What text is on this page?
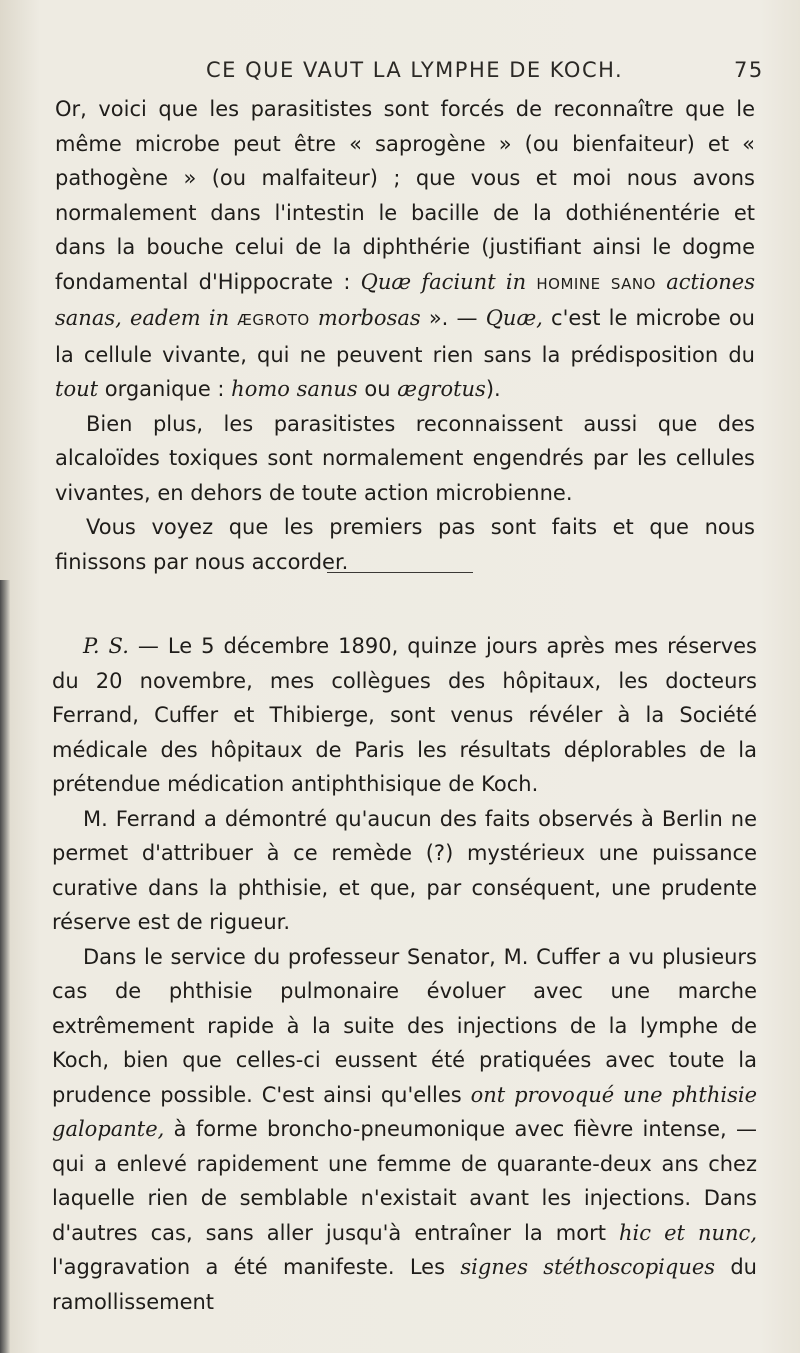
CE QUE VAUT LA LYMPHE DE KOCH.	75

Or, voici que les parasitistes sont forcés de reconnaître que le même microbe peut être « saprogène » (ou bienfaiteur) et « pathogène » (ou malfaiteur) ; que vous et moi nous avons normalement dans l'intestin le bacille de la dothiénentérie et dans la bouche celui de la diphthérie (justifiant ainsi le dogme fondamental d'Hippocrate : Quæ faciunt in HOMINE SANO actiones sanas, eadem in ÆGROTO morbosas ». — Quæ, c'est le microbe ou la cellule vivante, qui ne peuvent rien sans la prédisposition du tout organique : homo sanus ou ægrotus).

Bien plus, les parasitistes reconnaissent aussi que des alcaloïdes toxiques sont normalement engendrés par les cellules vivantes, en dehors de toute action microbienne.

Vous voyez que les premiers pas sont faits et que nous finissons par nous accorder.

P. S. — Le 5 décembre 1890, quinze jours après mes réserves du 20 novembre, mes collègues des hôpitaux, les docteurs Ferrand, Cuffer et Thibierge, sont venus révéler à la Société médicale des hôpitaux de Paris les résultats déplorables de la prétendue médication antiphthisique de Koch.

M. Ferrand a démontré qu'aucun des faits observés à Berlin ne permet d'attribuer à ce remède (?) mystérieux une puissance curative dans la phthisie, et que, par conséquent, une prudente réserve est de rigueur.

Dans le service du professeur Senator, M. Cuffer a vu plusieurs cas de phthisie pulmonaire évoluer avec une marche extrêmement rapide à la suite des injections de la lymphe de Koch, bien que celles-ci eussent été pratiquées avec toute la prudence possible. C'est ainsi qu'elles ont provoqué une phthisie galopante, à forme broncho-pneumonique avec fièvre intense, — qui a enlevé rapidement une femme de quarante-deux ans chez laquelle rien de semblable n'existait avant les injections. Dans d'autres cas, sans aller jusqu'à entraîner la mort hic et nunc, l'aggravation a été manifeste. Les signes stéthoscopiques du ramollissement
